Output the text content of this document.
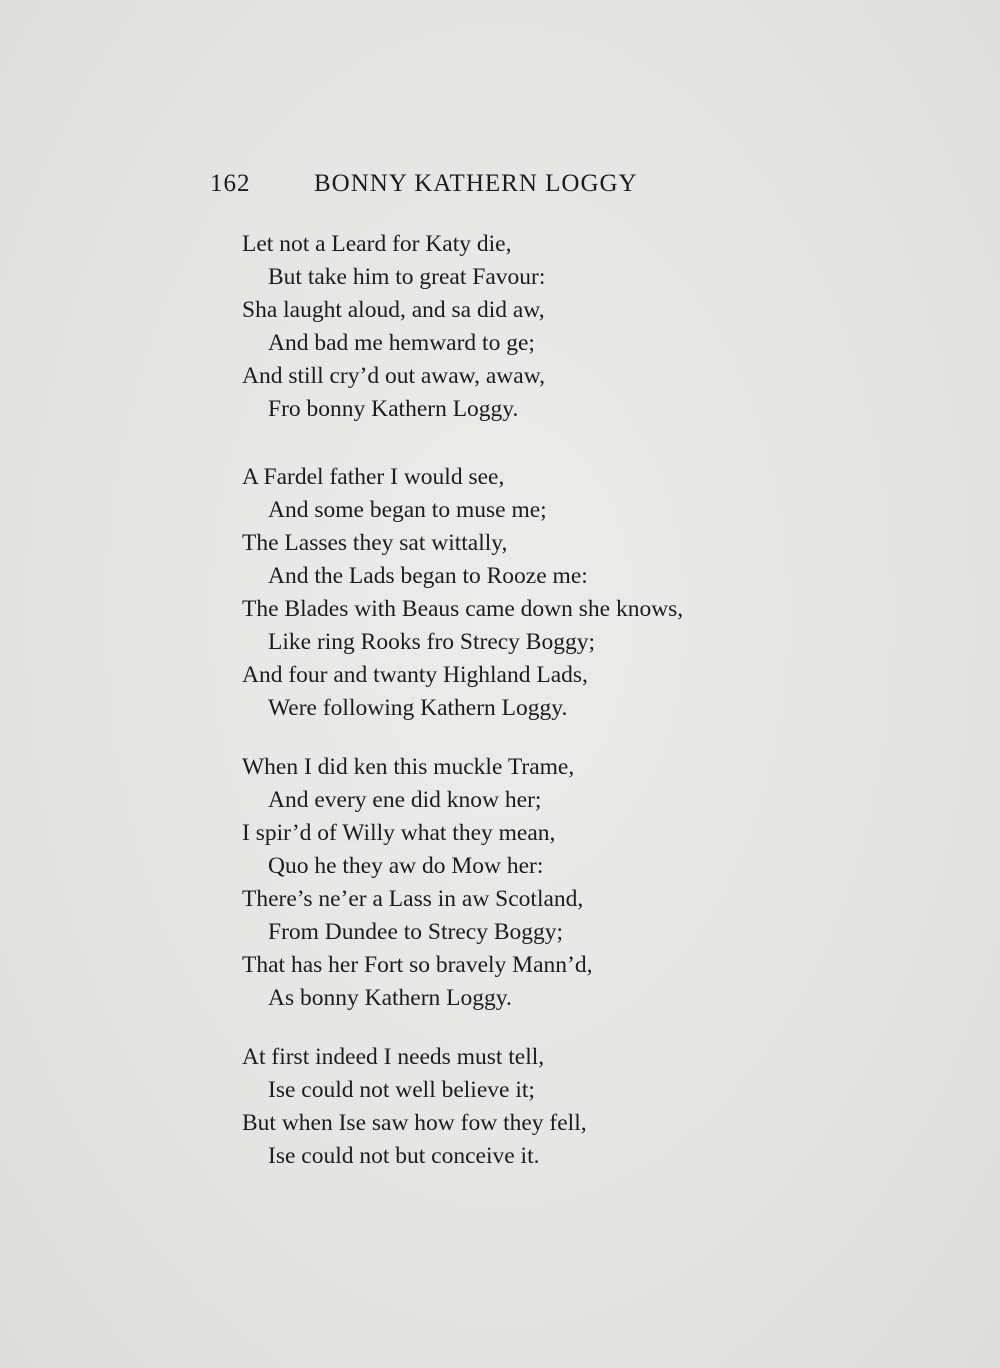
162	BONNY KATHERN LOGGY
Let not a Leard for Katy die,
But take him to great Favour:
Sha laught aloud, and sa did aw,
And bad me hemward to ge;
And still cry’d out awaw, awaw,
Fro bonny Kathern Loggy.
A Fardel father I would see,
And some began to muse me;
The Lasses they sat wittally,
And the Lads began to Rooze me:
The Blades with Beaus came down she knows,
Like ring Rooks fro Strecy Boggy;
And four and twanty Highland Lads,
Were following Kathern Loggy.
When I did ken this muckle Trame,
And every ene did know her;
I spir’d of Willy what they mean,
Quo he they aw do Mow her:
There’s ne’er a Lass in aw Scotland,
From Dundee to Strecy Boggy;
That has her Fort so bravely Mann’d,
As bonny Kathern Loggy.
At first indeed I needs must tell,
Ise could not well believe it;
But when Ise saw how fow they fell,
Ise could not but conceive it.
